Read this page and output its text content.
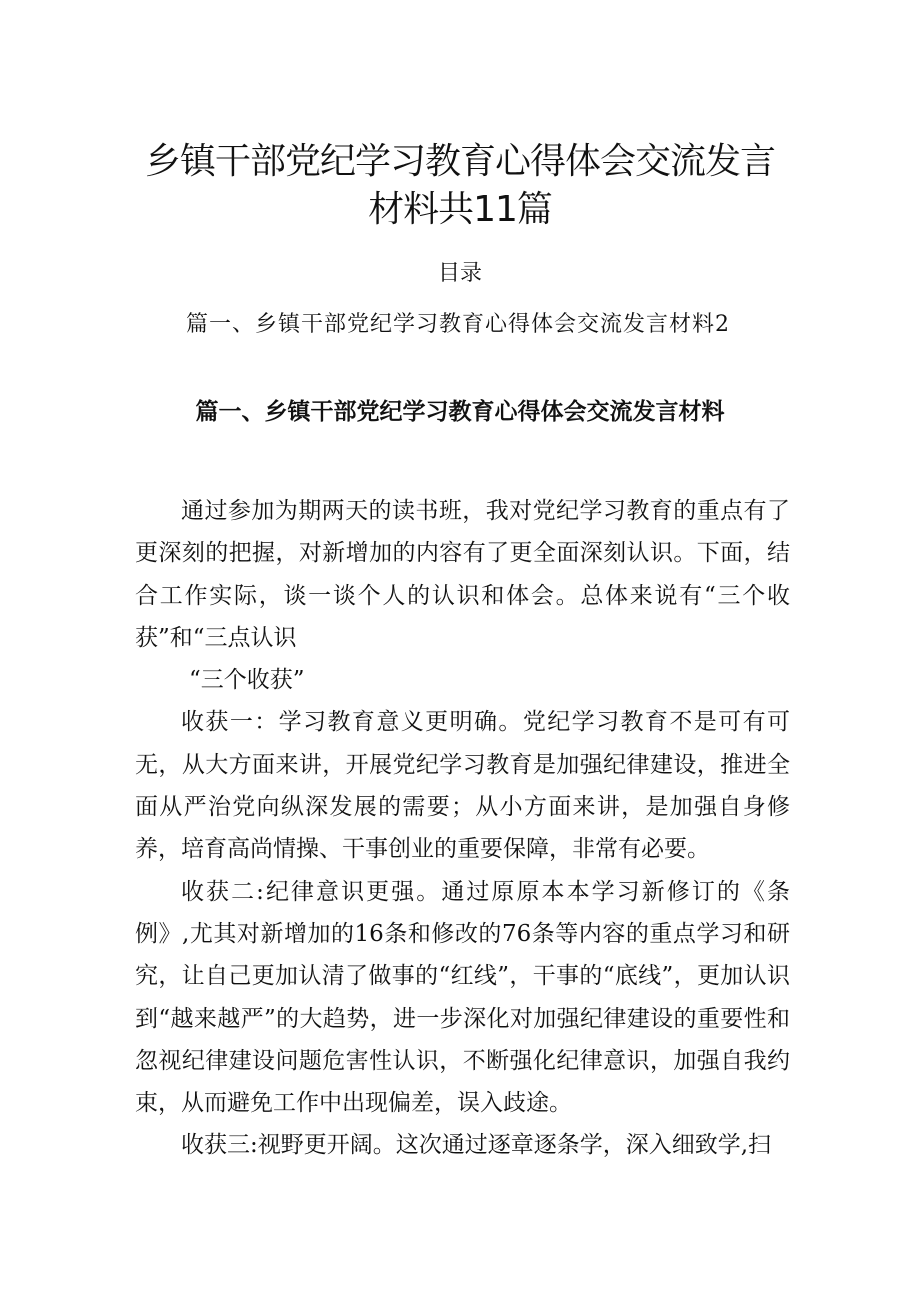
乡镇干部党纪学习教育心得体会交流发言
材料共11篇
目录
篇一、乡镇干部党纪学习教育心得体会交流发言材料2
篇一、乡镇干部党纪学习教育心得体会交流发言材料

通过参加为期两天的读书班，我对党纪学习教育的重点有了更深刻的把握，对新增加的内容有了更全面深刻认识。下面，结合工作实际，谈一谈个人的认识和体会。总体来说有“三个收获”和“三点认识

“三个收获”

收获一：学习教育意义更明确。党纪学习教育不是可有可无，从大方面来讲，开展党纪学习教育是加强纪律建设，推进全面从严治党向纵深发展的需要；从小方面来讲，是加强自身修养，培育高尚情操、干事创业的重要保障，非常有必要。

收获二:纪律意识更强。通过原原本本学习新修订的《条例》,尤其对新增加的16条和修改的76条等内容的重点学习和研究，让自己更加认清了做事的“红线”，干事的“底线”，更加认识到“越来越严”的大趋势，进一步深化对加强纪律建设的重要性和忽视纪律建设问题危害性认识，不断强化纪律意识，加强自我约束，从而避免工作中出现偏差，误入歧途。

收获三:视野更开阔。这次通过逐章逐条学，深入细致学,扫
